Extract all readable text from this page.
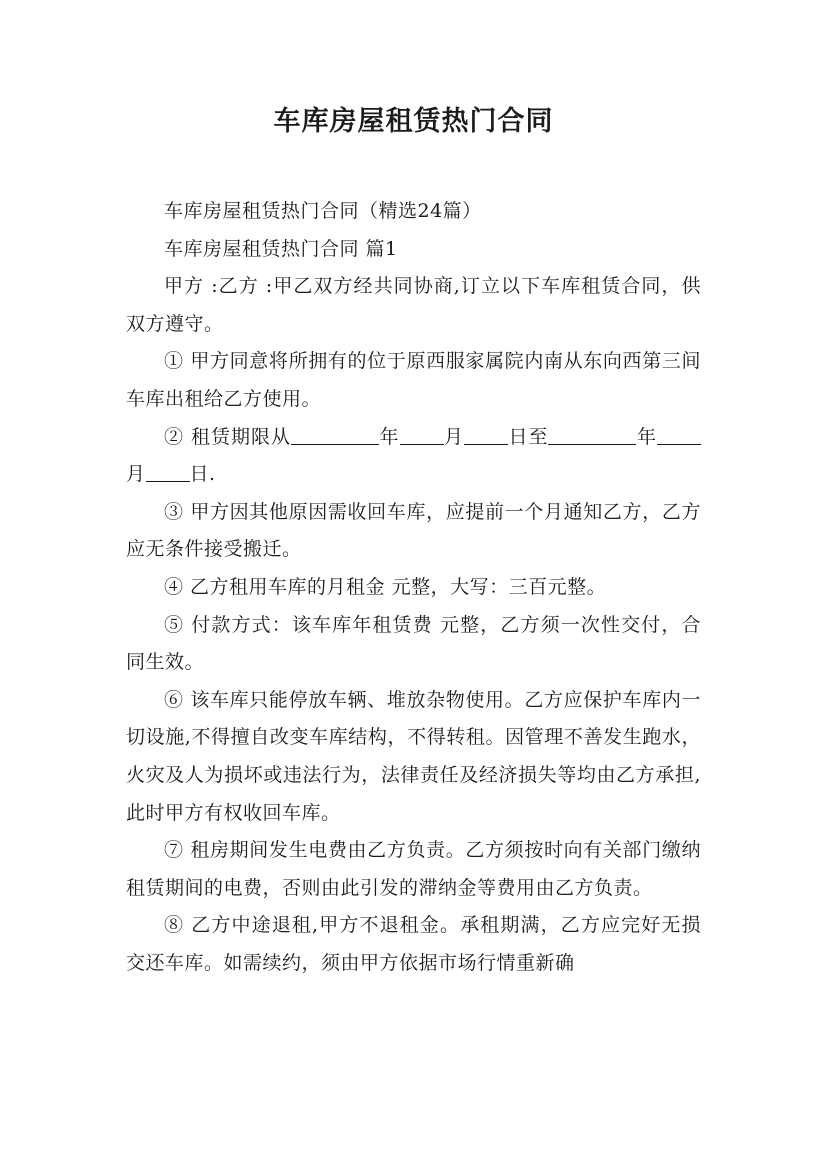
车库房屋租赁热门合同

车库房屋租赁热门合同（精选24篇）

车库房屋租赁热门合同 篇1

甲方 :乙方 :甲乙双方经共同协商,订立以下车库租赁合同，供双方遵守。

① 甲方同意将所拥有的位于原西服家属院内南从东向西第三间车库出租给乙方使用。

② 租赁期限从	年 月 日至	年月 日.

③ 甲方因其他原因需收回车库，应提前一个月通知乙方，乙方应无条件接受搬迁。

④ 乙方租用车库的月租金 元整，大写：三百元整。

⑤ 付款方式：该车库年租赁费 元整，乙方须一次性交付，合同生效。

⑥ 该车库只能停放车辆、堆放杂物使用。乙方应保护车库内一切设施,不得擅自改变车库结构，不得转租。因管理不善发生跑水，火灾及人为损坏或违法行为，法律责任及经济损失等均由乙方承担,此时甲方有权收回车库。

⑦ 租房期间发生电费由乙方负责。乙方须按时向有关部门缴纳租赁期间的电费，否则由此引发的滞纳金等费用由乙方负责。

⑧ 乙方中途退租,甲方不退租金。承租期满，乙方应完好无损交还车库。如需续约，须由甲方依据市场行情重新确
